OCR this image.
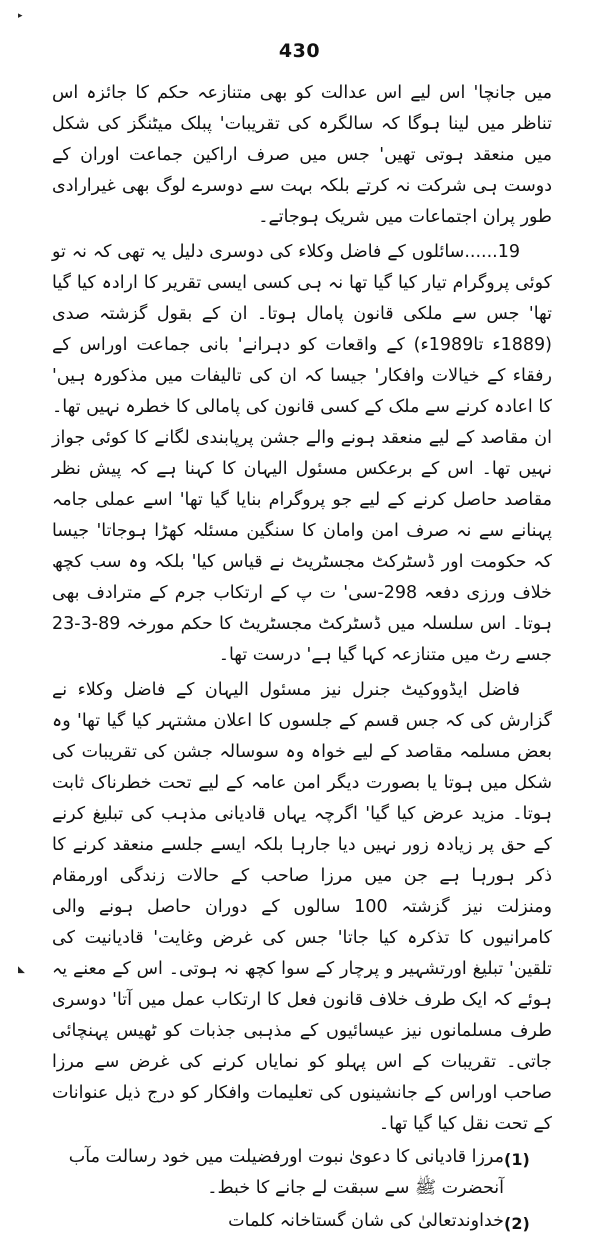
▸
430

میں جانچا' اس لیے اس عدالت کو بھی متنازعہ حکم کا جائزہ اس تناظر میں لینا ہوگا کہ سالگرہ کی تقریبات' پبلک میٹنگز کی شکل میں منعقد ہوتی تھیں' جس میں صرف اراکین جماعت اوران کے دوست ہی شرکت نہ کرتے بلکہ بہت سے دوسرے لوگ بھی غیرارادی طور پران اجتماعات میں شریک ہوجاتے۔

19......سائلوں کے فاضل وکلاء کی دوسری دلیل یہ تھی کہ نہ تو کوئی پروگرام تیار کیا گیا تھا نہ ہی کسی ایسی تقریر کا ارادہ کیا گیا تھا' جس سے ملکی قانون پامال ہوتا۔ ان کے بقول گزشتہ صدی (1889ء تا1989ء) کے واقعات کو دہرانے' بانی جماعت اوراس کے رفقاء کے خیالات وافکار' جیسا کہ ان کی تالیفات میں مذکورہ ہیں' کا اعادہ کرنے سے ملک کے کسی قانون کی پامالی کا خطرہ نہیں تھا۔ ان مقاصد کے لیے منعقد ہونے والے جشن پرپابندی لگانے کا کوئی جواز نہیں تھا۔ اس کے برعکس مسئول الیہان کا کہنا ہے کہ پیش نظر مقاصد حاصل کرنے کے لیے جو پروگرام بنایا گیا تھا' اسے عملی جامہ پہنانے سے نہ صرف امن وامان کا سنگین مسئلہ کھڑا ہوجاتا' جیسا کہ حکومت اور ڈسٹرکٹ مجسٹریٹ نے قیاس کیا' بلکہ وہ سب کچھ خلاف ورزی دفعہ 298-سی' ت پ کے ارتکاب جرم کے مترادف بھی ہوتا۔ اس سلسلہ میں ڈسٹرکٹ مجسٹریٹ کا حکم مورخہ 89-3-23 جسے رٹ میں متنازعہ کہا گیا ہے' درست تھا۔

فاضل ایڈووکیٹ جنرل نیز مسئول الیہان کے فاضل وکلاء نے گزارش کی کہ جس قسم کے جلسوں کا اعلان مشتہر کیا گیا تھا' وہ بعض مسلمہ مقاصد کے لیے خواہ وہ سوسالہ جشن کی تقریبات کی شکل میں ہوتا یا بصورت دیگر امن عامہ کے لیے تحت خطرناک ثابت ہوتا۔ مزید عرض کیا گیا' اگرچہ یہاں قادیانی مذہب کی تبلیغ کرنے کے حق پر زیادہ زور نہیں دیا جارہا بلکہ ایسے جلسے منعقد کرنے کا ذکر ہورہا ہے جن میں مرزا صاحب کے حالات زندگی اورمقام ومنزلت نیز گزشتہ 100 سالوں کے دوران حاصل ہونے والی کامرانیوں کا تذکرہ کیا جاتا' جس کی غرض وغایت' قادیانیت کی تلقین' تبلیغ اورتشہیر و پرچار کے سوا کچھ نہ ہوتی۔ اس کے معنے یہ ہوئے کہ ایک طرف خلاف قانون فعل کا ارتکاب عمل میں آتا' دوسری طرف مسلمانوں نیز عیسائیوں کے مذہبی جذبات کو ٹھیس پہنچائی جاتی۔ تقریبات کے اس پہلو کو نمایاں کرنے کی غرض سے مرزا صاحب اوراس کے جانشینوں کی تعلیمات وافکار کو درج ذیل عنوانات کے تحت نقل کیا گیا تھا۔

(1)
مرزا قادیانی کا دعویٰ نبوت اورفضیلت میں خود رسالت مآب آنحضرت ﷺ سے سبقت لے جانے کا خبط۔
(2)
خداوندتعالیٰ کی شان گستاخانہ کلمات
◣
